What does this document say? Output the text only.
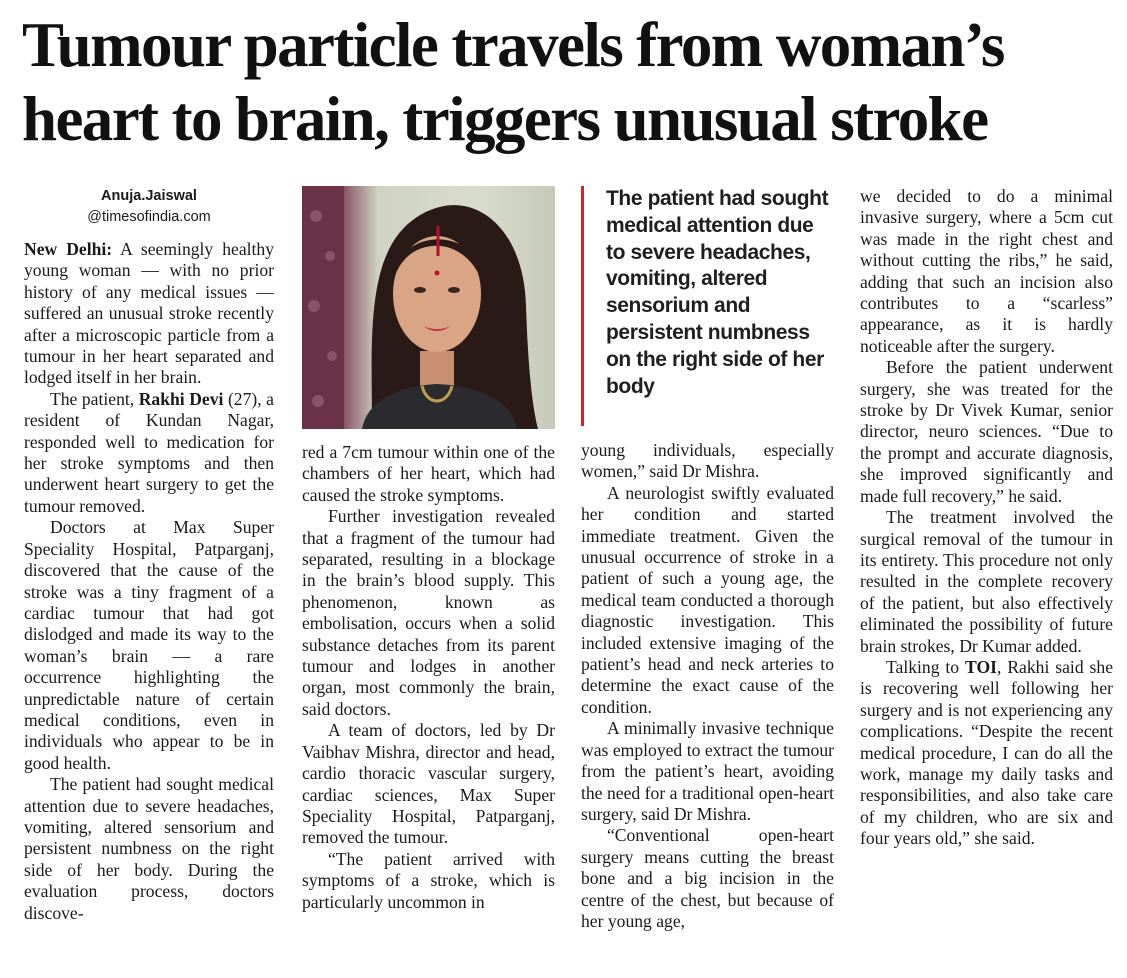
Tumour particle travels from woman’s
heart to brain, triggers unusual stroke
Anuja.Jaiswal
@timesofindia.com

New Delhi: A seemingly healthy young woman — with no prior history of any medical issues — suffered an unusual stroke recently after a microscopic particle from a tumour in her heart separated and lodged itself in her brain.

The patient, Rakhi Devi (27), a resident of Kundan Nagar, responded well to medication for her stroke symptoms and then underwent heart surgery to get the tumour removed.

Doctors at Max Super Speciality Hospital, Patparganj, discovered that the cause of the stroke was a tiny fragment of a cardiac tumour that had got dislodged and made its way to the woman’s brain — a rare occurrence highlighting the unpredictable nature of certain medical conditions, even in individuals who appear to be in good health.

The patient had sought medical attention due to severe headaches, vomiting, altered sensorium and persistent numbness on the right side of her body. During the evaluation process, doctors discove-

red a 7cm tumour within one of the chambers of her heart, which had caused the stroke symptoms.

Further investigation revealed that a fragment of the tumour had separated, resulting in a blockage in the brain’s blood supply. This phenomenon, known as embolisation, occurs when a solid substance detaches from its parent tumour and lodges in another organ, most commonly the brain, said doctors.

A team of doctors, led by Dr Vaibhav Mishra, director and head, cardio thoracic vascular surgery, cardiac sciences, Max Super Speciality Hospital, Patparganj, removed the tumour.

“The patient arrived with symptoms of a stroke, which is particularly uncommon in

The patient had sought medical attention due to severe headaches, vomiting, altered sensorium and persistent numbness on the right side of her body

young individuals, especially women,” said Dr Mishra.

A neurologist swiftly evaluated her condition and started immediate treatment. Given the unusual occurrence of stroke in a patient of such a young age, the medical team conducted a thorough diagnostic investigation. This included extensive imaging of the patient’s head and neck arteries to determine the exact cause of the condition.

A minimally invasive technique was employed to extract the tumour from the patient’s heart, avoiding the need for a traditional open-heart surgery, said Dr Mishra.

“Conventional open-heart surgery means cutting the breast bone and a big incision in the centre of the chest, but because of her young age,

we decided to do a minimal invasive surgery, where a 5cm cut was made in the right chest and without cutting the ribs,” he said, adding that such an incision also contributes to a “scarless” appearance, as it is hardly noticeable after the surgery.

Before the patient underwent surgery, she was treated for the stroke by Dr Vivek Kumar, senior director, neuro sciences. “Due to the prompt and accurate diagnosis, she improved significantly and made full recovery,” he said.

The treatment involved the surgical removal of the tumour in its entirety. This procedure not only resulted in the complete recovery of the patient, but also effectively eliminated the possibility of future brain strokes, Dr Kumar added.

Talking to TOI, Rakhi said she is recovering well following her surgery and is not experiencing any complications. “Despite the recent medical procedure, I can do all the work, manage my daily tasks and responsibilities, and also take care of my children, who are six and four years old,” she said.
